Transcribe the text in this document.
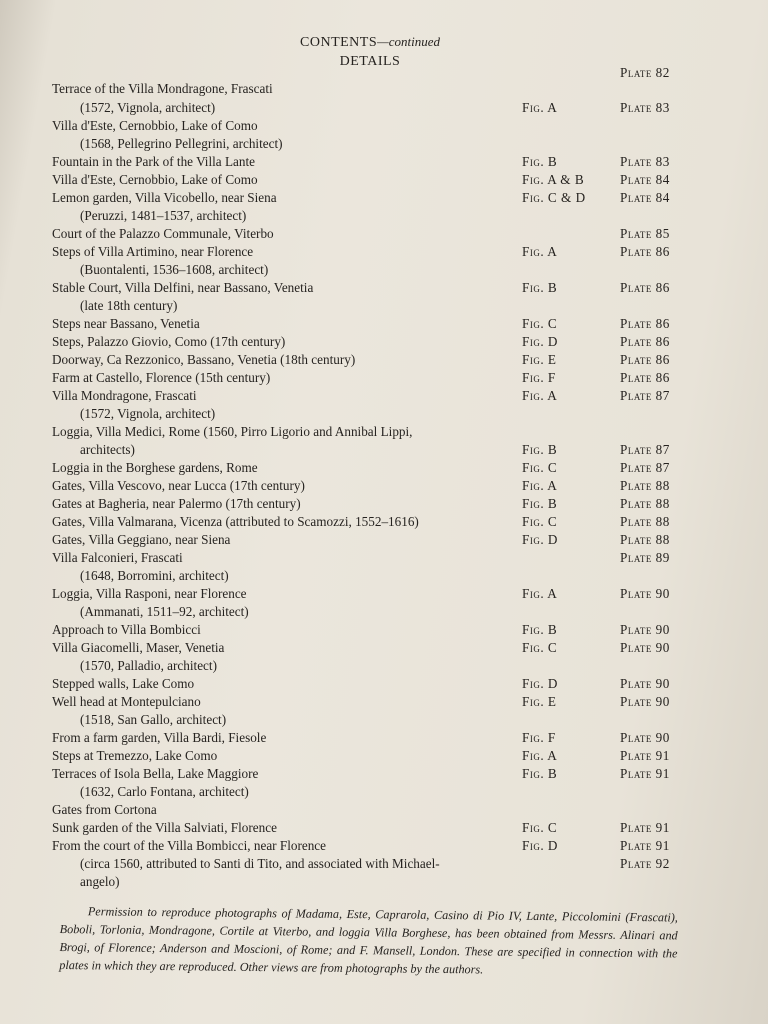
CONTENTS—continued
DETAILS
Plate 82
Terrace of the Villa Mondragone, Frascati
(1572, Vignola, architect)	Fig. A	Plate 83
Villa d'Este, Cernobbio, Lake of Como
(1568, Pellegrino Pellegrini, architect)
Fountain in the Park of the Villa Lante	Fig. B	Plate 83
Villa d'Este, Cernobbio, Lake of Como	Fig. A & B	Plate 84
Lemon garden, Villa Vicobello, near Siena	Fig. C & D	Plate 84
(Peruzzi, 1481–1537, architect)
Court of the Palazzo Communale, Viterbo	Plate 85
Steps of Villa Artimino, near Florence	Fig. A	Plate 86
(Buontalenti, 1536–1608, architect)
Stable Court, Villa Delfini, near Bassano, Venetia	Fig. B	Plate 86
(late 18th century)
Steps near Bassano, Venetia	Fig. C	Plate 86
Steps, Palazzo Giovio, Como (17th century)	Fig. D	Plate 86
Doorway, Ca Rezzonico, Bassano, Venetia (18th century)	Fig. E	Plate 86
Farm at Castello, Florence (15th century)	Fig. F	Plate 86
Villa Mondragone, Frascati	Fig. A	Plate 87
(1572, Vignola, architect)
Loggia, Villa Medici, Rome (1560, Pirro Ligorio and Annibal Lippi,
architects)	Fig. B	Plate 87
Loggia in the Borghese gardens, Rome	Fig. C	Plate 87
Gates, Villa Vescovo, near Lucca (17th century)	Fig. A	Plate 88
Gates at Bagheria, near Palermo (17th century)	Fig. B	Plate 88
Gates, Villa Valmarana, Vicenza (attributed to Scamozzi, 1552–1616)	Fig. C	Plate 88
Gates, Villa Geggiano, near Siena	Fig. D	Plate 88
Villa Falconieri, Frascati	Plate 89
(1648, Borromini, architect)
Loggia, Villa Rasponi, near Florence	Fig. A	Plate 90
(Ammanati, 1511–92, architect)
Approach to Villa Bombicci	Fig. B	Plate 90
Villa Giacomelli, Maser, Venetia	Fig. C	Plate 90
(1570, Palladio, architect)
Stepped walls, Lake Como	Fig. D	Plate 90
Well head at Montepulciano	Fig. E	Plate 90
(1518, San Gallo, architect)
From a farm garden, Villa Bardi, Fiesole	Fig. F	Plate 90
Steps at Tremezzo, Lake Como	Fig. A	Plate 91
Terraces of Isola Bella, Lake Maggiore	Fig. B	Plate 91
(1632, Carlo Fontana, architect)
Gates from Cortona
Sunk garden of the Villa Salviati, Florence	Fig. C	Plate 91
From the court of the Villa Bombicci, near Florence	Fig. D	Plate 91
(circa 1560, attributed to Santi di Tito, and associated with Michael-	Plate 92
angelo)
Permission to reproduce photographs of Madama, Este, Caprarola, Casino di Pio IV, Lante, Piccolomini (Frascati), Boboli, Torlonia, Mondragone, Cortile at Viterbo, and loggia Villa Borghese, has been obtained from Messrs. Alinari and Brogi, of Florence; Anderson and Moscioni, of Rome; and F. Mansell, London. These are specified in connection with the plates in which they are reproduced. Other views are from photographs by the authors.
